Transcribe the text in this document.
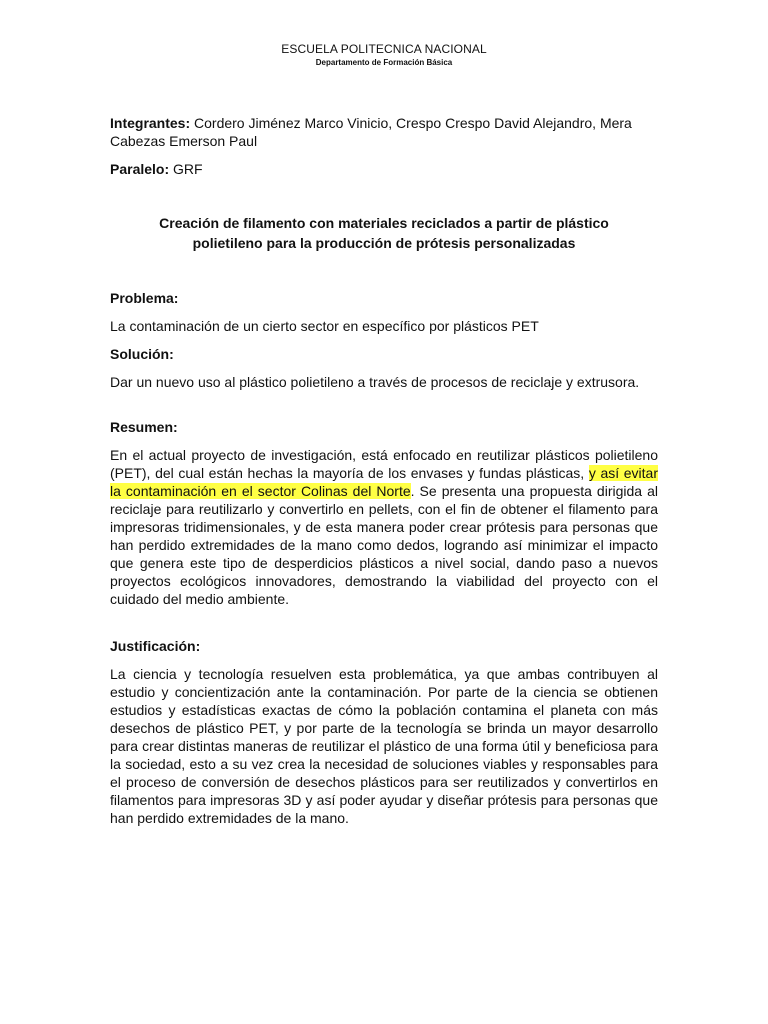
ESCUELA POLITECNICA NACIONAL
Departamento de Formación Básica
Integrantes: Cordero Jiménez Marco Vinicio, Crespo Crespo David Alejandro, Mera Cabezas Emerson Paul
Paralelo: GRF
Creación de filamento con materiales reciclados a partir de plástico
polietileno para la producción de prótesis personalizadas
Problema:
La contaminación de un cierto sector en específico por plásticos PET
Solución:
Dar un nuevo uso al plástico polietileno a través de procesos de reciclaje y extrusora.
Resumen:
En el actual proyecto de investigación, está enfocado en reutilizar plásticos polietileno (PET), del cual están hechas la mayoría de los envases y fundas plásticas, y así evitar la contaminación en el sector Colinas del Norte. Se presenta una propuesta dirigida al reciclaje para reutilizarlo y convertirlo en pellets, con el fin de obtener el filamento para impresoras tridimensionales, y de esta manera poder crear prótesis para personas que han perdido extremidades de la mano como dedos, logrando así minimizar el impacto que genera este tipo de desperdicios plásticos a nivel social, dando paso a nuevos proyectos ecológicos innovadores, demostrando la viabilidad del proyecto con el cuidado del medio ambiente.
Justificación:
La ciencia y tecnología resuelven esta problemática, ya que ambas contribuyen al estudio y concientización ante la contaminación. Por parte de la ciencia se obtienen estudios y estadísticas exactas de cómo la población contamina el planeta con más desechos de plástico PET, y por parte de la tecnología se brinda un mayor desarrollo para crear distintas maneras de reutilizar el plástico de una forma útil y beneficiosa para la sociedad, esto a su vez crea la necesidad de soluciones viables y responsables para el proceso de conversión de desechos plásticos para ser reutilizados y convertirlos en filamentos para impresoras 3D y así poder ayudar y diseñar prótesis para personas que han perdido extremidades de la mano.
